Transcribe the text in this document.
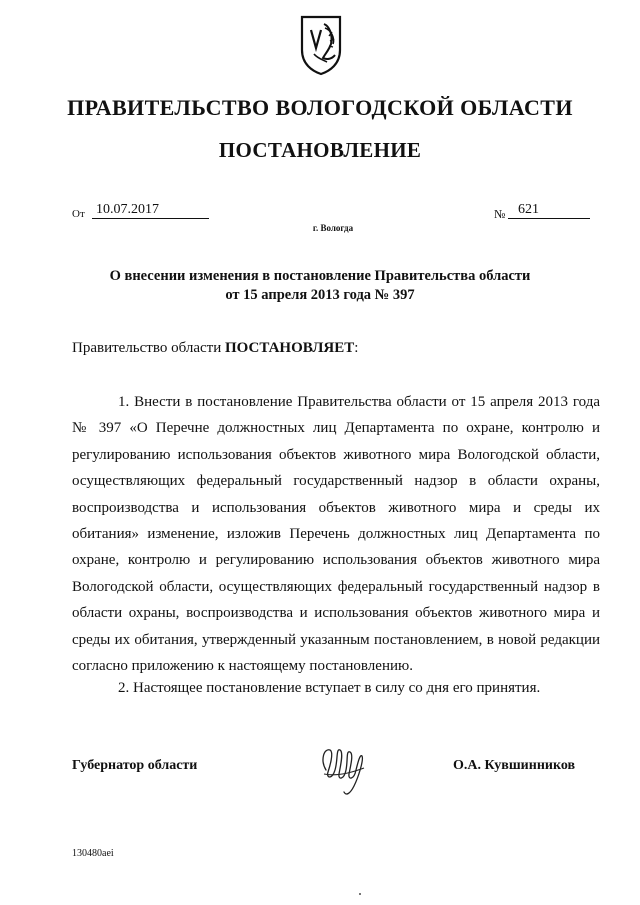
ПРАВИТЕЛЬСТВО ВОЛОГОДСКОЙ ОБЛАСТИ
ПОСТАНОВЛЕНИЕ
От 10.07.2017	№ 621
г. Вологда
О внесении изменения в постановление Правительства области
от 15 апреля 2013 года № 397
Правительство области ПОСТАНОВЛЯЕТ:
1. Внести в постановление Правительства области от 15 апреля 2013 года № 397 «О Перечне должностных лиц Департамента по охране, контролю и регулированию использования объектов животного мира Вологодской области, осуществляющих федеральный государственный надзор в области охраны, воспроизводства и использования объектов животного мира и среды их обитания» изменение, изложив Перечень должностных лиц Департамента по охране, контролю и регулированию использования объектов животного мира Вологодской области, осуществляющих федеральный государственный надзор в области охраны, воспроизводства и использования объектов животного мира и среды их обитания, утвержденный указанным постановлением, в новой редакции согласно приложению к настоящему постановлению.
2. Настоящее постановление вступает в силу со дня его принятия.
Губернатор области	О.А. Кувшинников
130480aei
